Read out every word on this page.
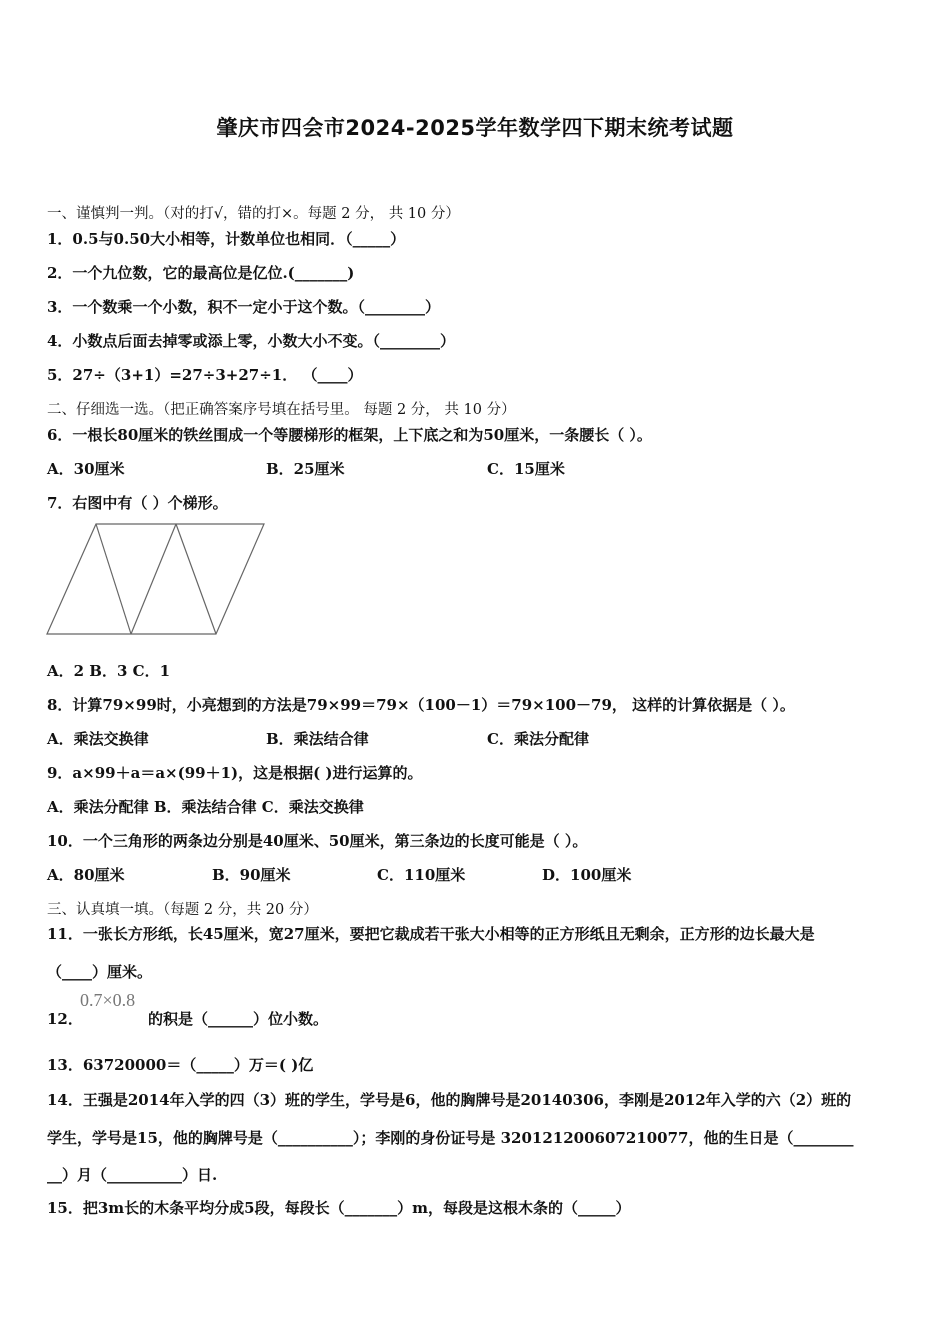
肇庆市四会市2024-2025学年数学四下期末统考试题
一、谨慎判一判。（对的打√，错的打×。每题 2 分， 共 10 分）
1．0.5与0.50大小相等，计数单位也相同．（_____）
2．一个九位数，它的最高位是亿位.(_______)
3．一个数乘一个小数，积不一定小于这个数。（________）
4．小数点后面去掉零或添上零，小数大小不变。（________）
5．27÷（3+1）=27÷3+27÷1． （____）
二、仔细选一选。（把正确答案序号填在括号里。 每题 2 分， 共 10 分）
6．一根长80厘米的铁丝围成一个等腰梯形的框架，上下底之和为50厘米，一条腰长（ ）。
A．30厘米	B．25厘米	C．15厘米
7．右图中有（ ）个梯形。
A．2 B．3 C．1
8．计算79×99时，小亮想到的方法是79×99＝79×（100－1）＝79×100－79， 这样的计算依据是（ ）。
A．乘法交换律	B．乘法结合律	C．乘法分配律
9．a×99＋a＝a×(99＋1)，这是根据( )进行运算的。
A．乘法分配律 B．乘法结合律 C．乘法交换律
10．一个三角形的两条边分别是40厘米、50厘米，第三条边的长度可能是（ ）。
A．80厘米	B．90厘米	C．110厘米	D．100厘米
三、认真填一填。（每题 2 分，共 20 分）
11．一张长方形纸，长45厘米，宽27厘米，要把它裁成若干张大小相等的正方形纸且无剩余，正方形的边长最大是
（____）厘米。
12．
0.7×0.8
的积是（______）位小数。
13．63720000＝（_____）万＝( )亿
14．王强是2014年入学的四（3）班的学生，学号是6，他的胸牌号是20140306，李刚是2012年入学的六（2）班的
学生，学号是15，他的胸牌号是（__________）；李刚的身份证号是 320121200607210077，他的生日是（________
__）月（__________）日.
15．把3m长的木条平均分成5段，每段长（_______）m，每段是这根木条的（_____）
